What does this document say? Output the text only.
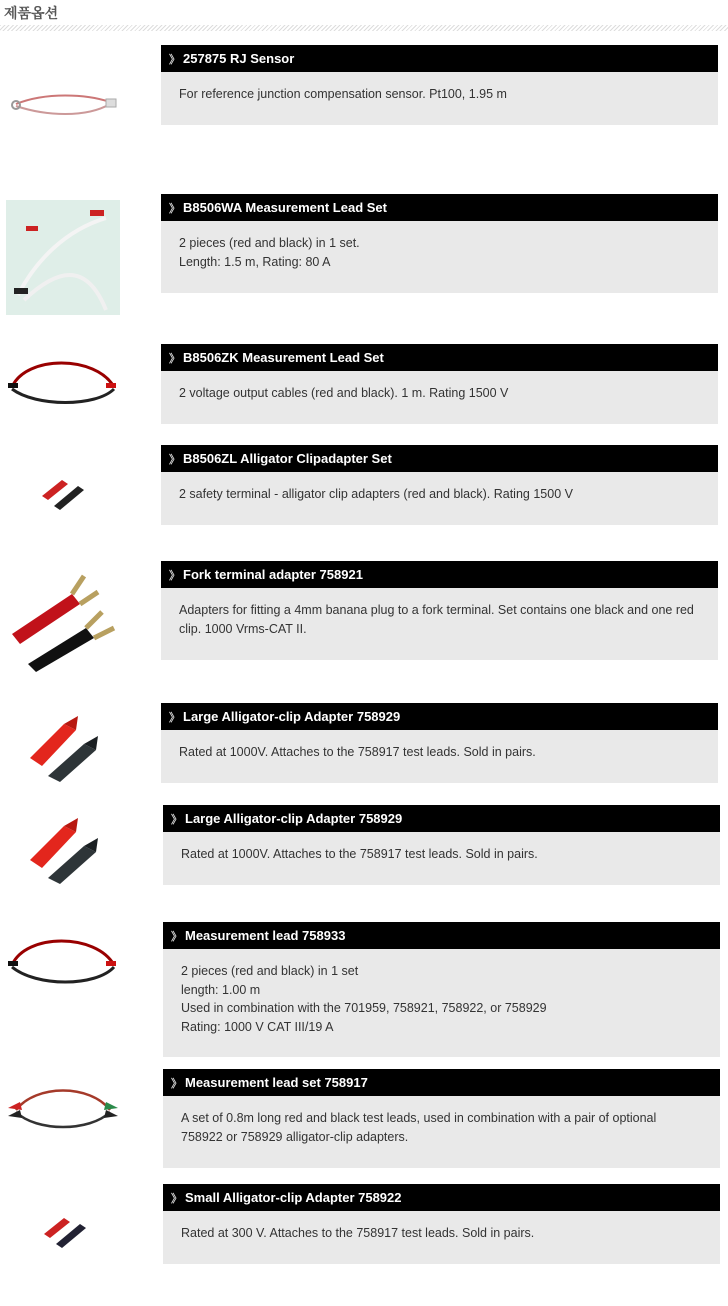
제품옵션
》 257875 RJ Sensor
For reference junction compensation sensor. Pt100, 1.95 m
》 B8506WA Measurement Lead Set
2 pieces (red and black) in 1 set.
Length: 1.5 m, Rating: 80 A
》 B8506ZK Measurement Lead Set
2 voltage output cables (red and black). 1 m. Rating 1500 V
》 B8506ZL Alligator Clipadapter Set
2 safety terminal - alligator clip adapters (red and black). Rating 1500 V
》 Fork terminal adapter 758921
Adapters for fitting a 4mm banana plug to a fork terminal. Set contains one black and one red
clip. 1000 Vrms-CAT II.
》 Large Alligator-clip Adapter 758929
Rated at 1000V. Attaches to the 758917 test leads. Sold in pairs.
》 Large Alligator-clip Adapter 758929
Rated at 1000V. Attaches to the 758917 test leads. Sold in pairs.
》 Measurement lead 758933
2 pieces (red and black) in 1 set
length: 1.00 m
Used in combination with the 701959, 758921, 758922, or 758929
Rating: 1000 V CAT III/19 A
》 Measurement lead set 758917
A set of 0.8m long red and black test leads, used in combination with a pair of optional
758922 or 758929 alligator-clip adapters.
》 Small Alligator-clip Adapter 758922
Rated at 300 V. Attaches to the 758917 test leads. Sold in pairs.
